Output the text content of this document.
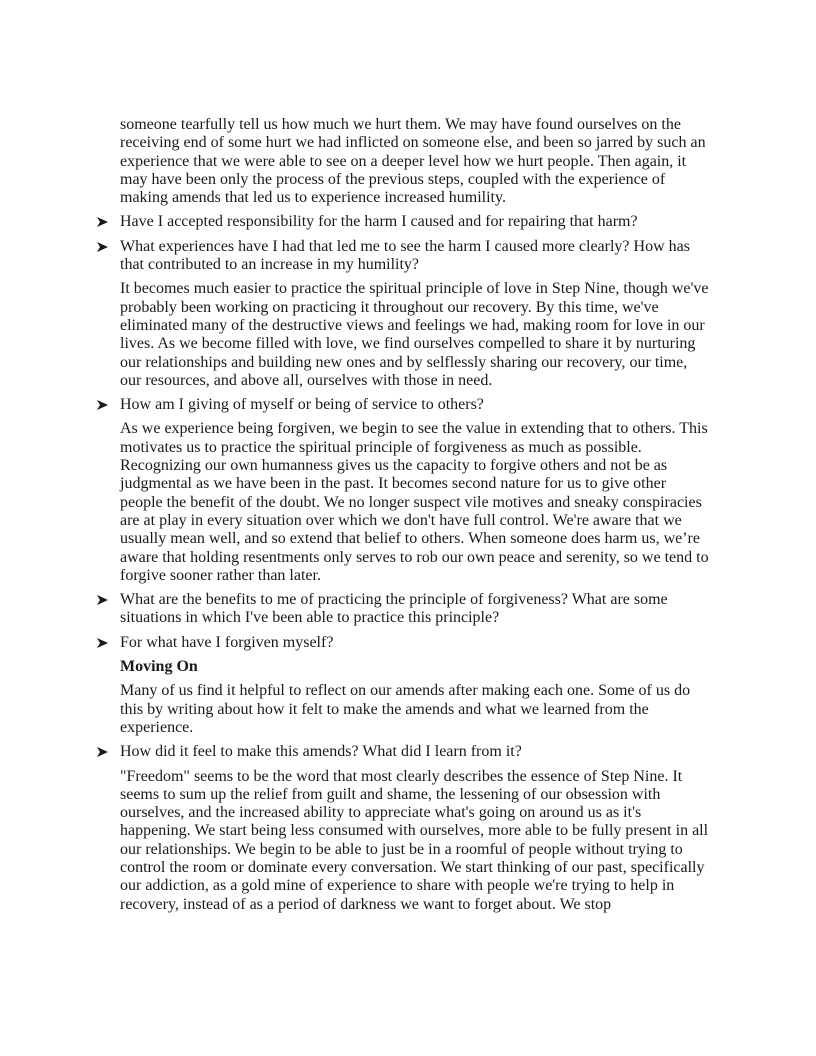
someone tearfully tell us how much we hurt them. We may have found ourselves on the receiving end of some hurt we had inflicted on someone else, and been so jarred by such an experience that we were able to see on a deeper level how we hurt people. Then again, it may have been only the process of the previous steps, coupled with the experience of making amends that led us to experience increased humility.

Have I accepted responsibility for the harm I caused and for repairing that harm?
What experiences have I had that led me to see the harm I caused more clearly? How has that contributed to an increase in my humility?

It becomes much easier to practice the spiritual principle of love in Step Nine, though we've probably been working on practicing it throughout our recovery. By this time, we've eliminated many of the destructive views and feelings we had, making room for love in our lives. As we become filled with love, we find ourselves compelled to share it by nurturing our relationships and building new ones and by selflessly sharing our recovery, our time, our resources, and above all, ourselves with those in need.

How am I giving of myself or being of service to others?

As we experience being forgiven, we begin to see the value in extending that to others. This motivates us to practice the spiritual principle of forgiveness as much as possible. Recognizing our own humanness gives us the capacity to forgive others and not be as judgmental as we have been in the past. It becomes second nature for us to give other people the benefit of the doubt. We no longer suspect vile motives and sneaky conspiracies are at play in every situation over which we don't have full control. We're aware that we usually mean well, and so extend that belief to others. When someone does harm us, we’re aware that holding resentments only serves to rob our own peace and serenity, so we tend to forgive sooner rather than later.

What are the benefits to me of practicing the principle of forgiveness? What are some situations in which I've been able to practice this principle?
For what have I forgiven myself?

Moving On

Many of us find it helpful to reflect on our amends after making each one. Some of us do this by writing about how it felt to make the amends and what we learned from the experience.

How did it feel to make this amends? What did I learn from it?

"Freedom" seems to be the word that most clearly describes the essence of Step Nine. It seems to sum up the relief from guilt and shame, the lessening of our obsession with ourselves, and the increased ability to appreciate what's going on around us as it's happening. We start being less consumed with ourselves, more able to be fully present in all our relationships. We begin to be able to just be in a roomful of people without trying to control the room or dominate every conversation. We start thinking of our past, specifically our addiction, as a gold mine of experience to share with people we're trying to help in recovery, instead of as a period of darkness we want to forget about. We stop
